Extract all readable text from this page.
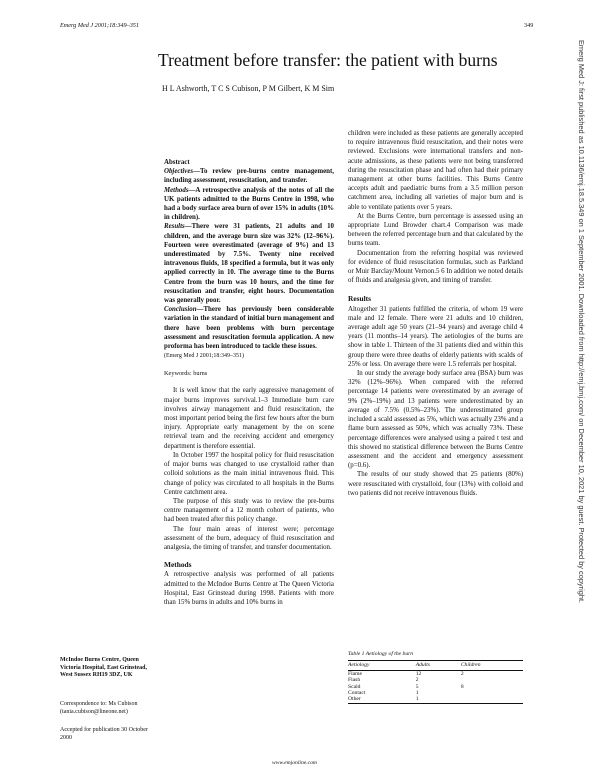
Emerg Med J 2001;18:349–351	349
Treatment before transfer: the patient with burns
H L Ashworth, T C S Cubison, P M Gilbert, K M Sim	Emerg Med J: first published as 10.1136/emj.18.5.349 on 1 September 2001. Downloaded from http://emj.bmj.com/ on December 10, 2021 by guest. Protected by copyright.
Abstract

Objectives—To review pre-burns centre management, including assessment, resuscitation, and transfer.

Methods—A retrospective analysis of the notes of all the UK patients admitted to the Burns Centre in 1998, who had a body surface area burn of over 15% in adults (10% in children).

Results—There were 31 patients, 21 adults and 10 children, and the average burn size was 32% (12–96%). Fourteen were overestimated (average of 9%) and 13 underestimated by 7.5%. Twenty nine received intravenous fluids, 18 specified a formula, but it was only applied correctly in 10. The average time to the Burns Centre from the burn was 10 hours, and the time for resuscitation and transfer, eight hours. Documentation was generally poor.

Conclusion—There has previously been considerable variation in the standard of initial burn management and there have been problems with burn percentage assessment and resuscitation formula application. A new proforma has been introduced to tackle these issues.

(Emerg Med J 2001;18:349–351)
Keywords: burns

It is well know that the early aggressive management of major burns improves survival.1–3 Immediate burn care involves airway management and fluid resuscitation, the most important period being the first few hours after the burn injury. Appropriate early management by the on scene retrieval team and the receiving accident and emergency department is therefore essential.

In October 1997 the hospital policy for fluid resuscitation of major burns was changed to use crystalloid rather than colloid solutions as the main initial intravenous fluid. This change of policy was circulated to all hospitals in the Burns Centre catchment area.

The purpose of this study was to review the pre-burns centre management of a 12 month cohort of patients, who had been treated after this policy change.

The four main areas of interest were; percentage assessment of the burn, adequacy of fluid resuscitation and analgesia, the timing of transfer, and transfer documentation.

Methods

A retrospective analysis was performed of all patients admitted to the McIndoe Burns Centre at The Queen Victoria Hospital, East Grinstead during 1998. Patients with more than 15% burns in adults and 10% burns in

children were included as these patients are generally accepted to require intravenous fluid resuscitation, and their notes were reviewed. Exclusions were international transfers and non-acute admissions, as these patients were not being transferred during the resuscitation phase and had often had their primary management at other burns facilities. This Burns Centre accepts adult and paediatric burns from a 3.5 million person catchment area, including all varieties of major burn and is able to ventilate patients over 5 years.

At the Burns Centre, burn percentage is assessed using an appropriate Lund Browder chart.4 Comparison was made between the referred percentage burn and that calculated by the burns team.

Documentation from the referring hospital was reviewed for evidence of fluid resuscitation formulas, such as Parkland or Muir Barclay/Mount Vernon.5 6 In addition we noted details of fluids and analgesia given, and timing of transfer.

Results

Altogether 31 patients fulfilled the criteria, of whom 19 were male and 12 female. There were 21 adults and 10 children, average adult age 50 years (21–94 years) and average child 4 years (11 months–14 years). The aetiologies of the burns are show in table 1. Thirteen of the 31 patients died and within this group there were three deaths of elderly patients with scalds of 25% or less. On average there were 1.5 referrals per hospital.

In our study the average body surface area (BSA) burn was 32% (12%–96%). When compared with the referred percentage 14 patients were overestimated by an average of 9% (2%–19%) and 13 patients were underestimated by an average of 7.5% (0.5%–23%). The underestimated group included a scald assessed as 5%, which was actually 23% and a flame burn assessed as 50%, which was actually 73%. These percentage differences were analysed using a paired t test and this showed no statistical difference between the Burns Centre assessment and the accident and emergency assessment (p=0.6).

The results of our study showed that 25 patients (80%) were resuscitated with crystalloid, four (13%) with colloid and two patients did not receive intravenous fluids.

Table 1 Aetiology of the burn
Aetiology	Adults	Children
Flame	12	2
Flash	2	
Scald	5	8
Contact	1	
Other	1	
McIndoe Burns Centre, Queen Victoria Hospital, East Grinstead, West Sussex RH19 3DZ, UK
Correspondence to: Ms Cubison (tania.cubison@lineone.net)
Accepted for publication 30 October 2000
www.emjonline.com
